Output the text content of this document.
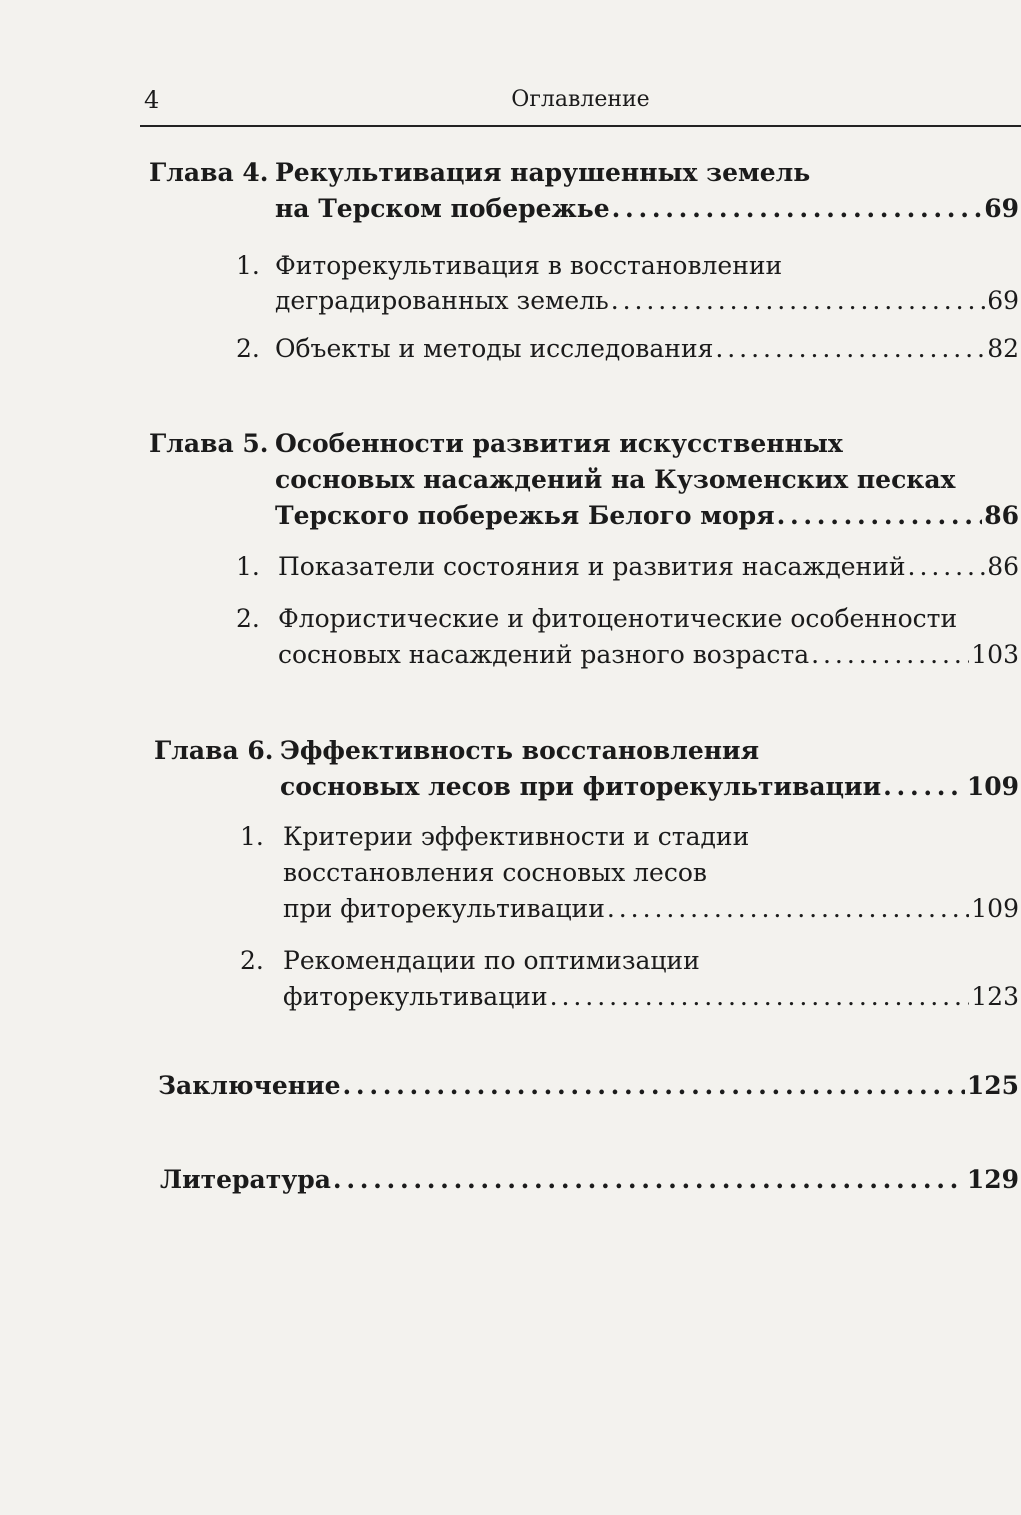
4	Оглавление
Глава 4. Рекультивация нарушенных земель
на Терском побережье . . .	69
1. Фиторекультивация в восстановлении
деградированных земель . . .	69
2. Объекты и методы исследования . . .	82
Глава 5. Особенности развития искусственных
сосновых насаждений на Кузоменских песках
Терского побережья Белого моря . . .	86
1. Показатели состояния и развития насаждений . . .	86
2. Флористические и фитоценотические особенности
сосновых насаждений разного возраста . . .	103
Глава 6. Эффективность восстановления
сосновых лесов при фиторекультивации . . .	109
1. Критерии эффективности и стадии
восстановления сосновых лесов
при фиторекультивации . . .	109
2. Рекомендации по оптимизации
фиторекультивации . . .	123
Заключение . . .	125
Литература . . .	129
